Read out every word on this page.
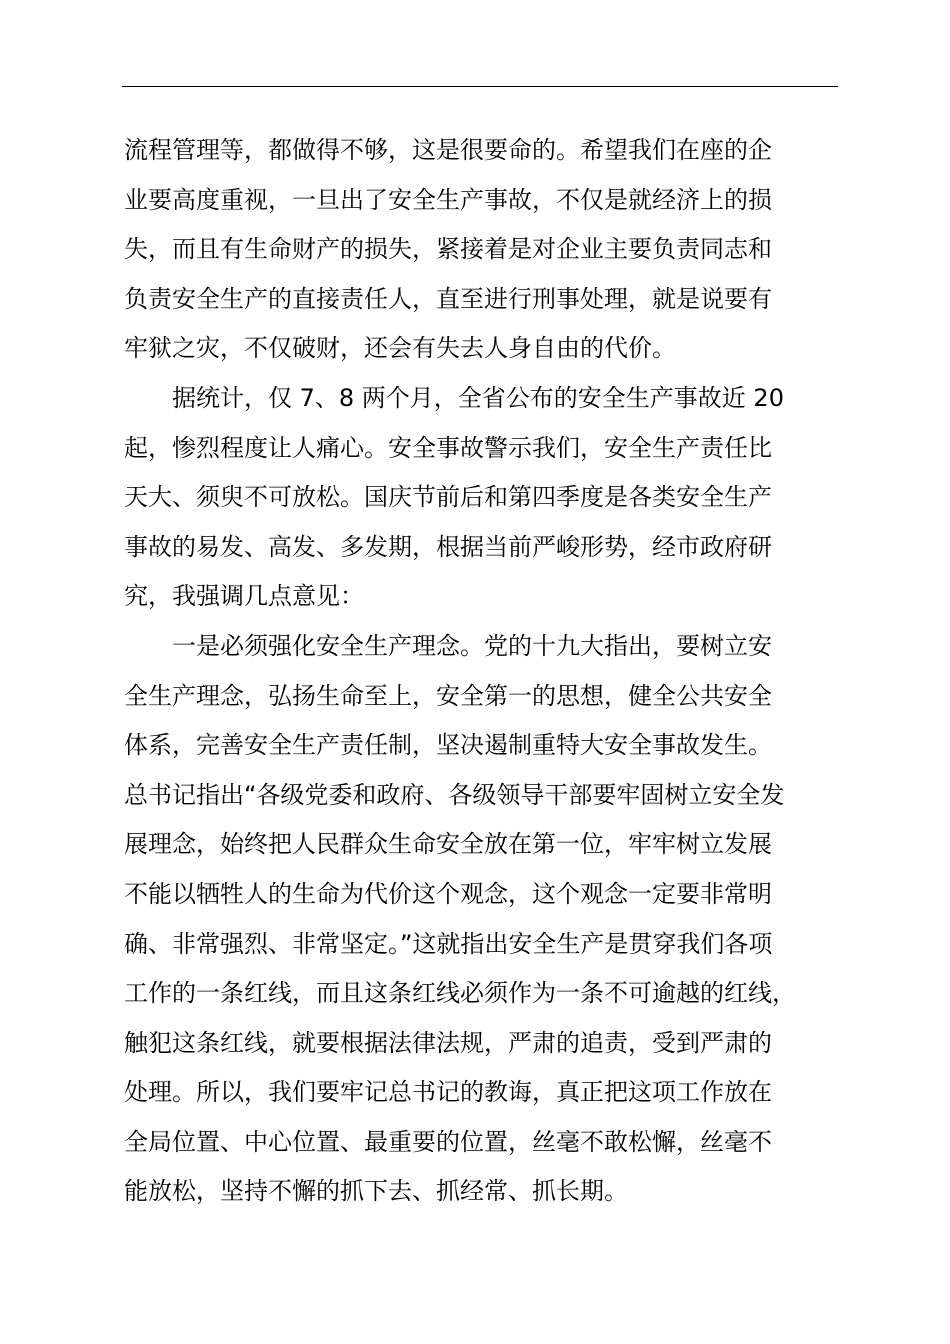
流程管理等，都做得不够，这是很要命的。希望我们在座的企
业要高度重视，一旦出了安全生产事故，不仅是就经济上的损
失，而且有生命财产的损失，紧接着是对企业主要负责同志和
负责安全生产的直接责任人，直至进行刑事处理，就是说要有
牢狱之灾，不仅破财，还会有失去人身自由的代价。
据统计，仅 7、8 两个月，全省公布的安全生产事故近 20
起，惨烈程度让人痛心。安全事故警示我们，安全生产责任比
天大、须臾不可放松。国庆节前后和第四季度是各类安全生产
事故的易发、高发、多发期，根据当前严峻形势，经市政府研
究，我强调几点意见：
一是必须强化安全生产理念。党的十九大指出，要树立安
全生产理念，弘扬生命至上，安全第一的思想，健全公共安全
体系，完善安全生产责任制，坚决遏制重特大安全事故发生。
总书记指出“各级党委和政府、各级领导干部要牢固树立安全发
展理念，始终把人民群众生命安全放在第一位，牢牢树立发展
不能以牺牲人的生命为代价这个观念，这个观念一定要非常明
确、非常强烈、非常坚定。”这就指出安全生产是贯穿我们各项
工作的一条红线，而且这条红线必须作为一条不可逾越的红线，
触犯这条红线，就要根据法律法规，严肃的追责，受到严肃的
处理。所以，我们要牢记总书记的教诲，真正把这项工作放在
全局位置、中心位置、最重要的位置，丝毫不敢松懈，丝毫不
能放松，坚持不懈的抓下去、抓经常、抓长期。
